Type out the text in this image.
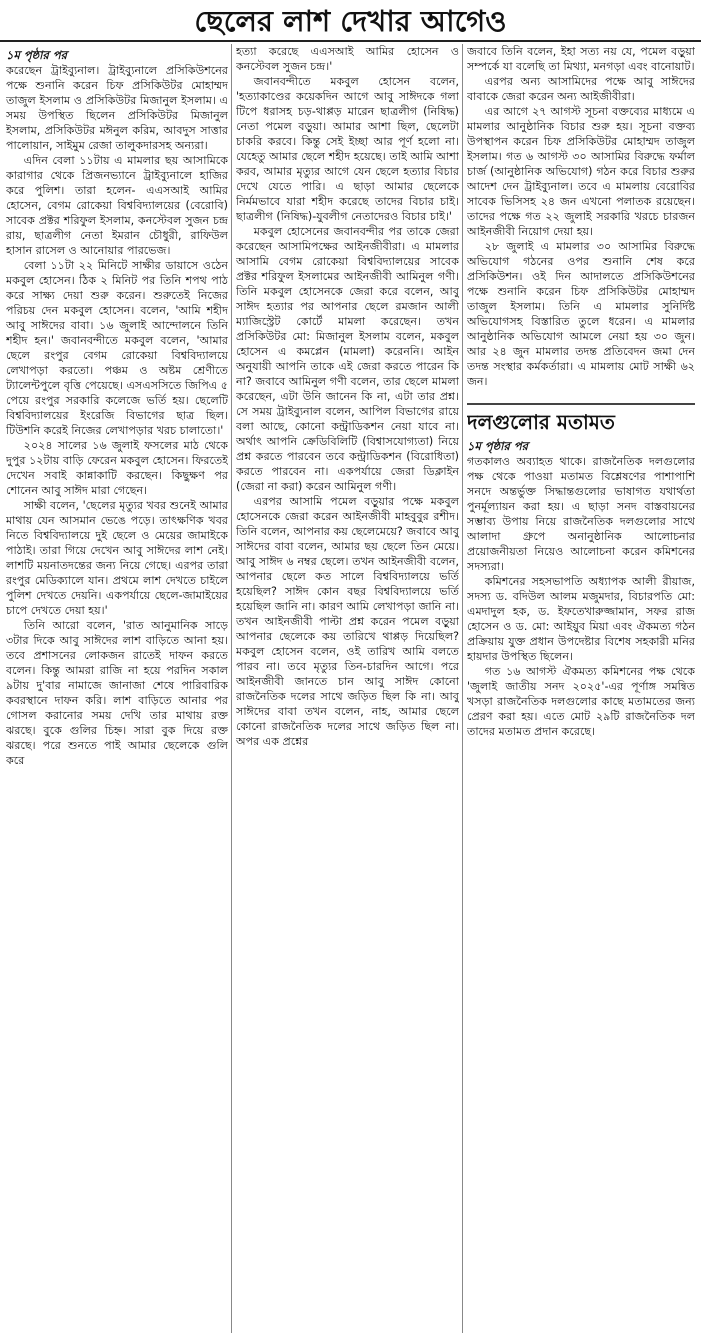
ছেলের লাশ দেখার আগেও

১ম পৃষ্ঠার পর

করেছেন ট্রাইব্যুনাল। ট্রাইব্যুনালে প্রসিকিউশনের পক্ষে শুনানি করেন চিফ প্রসিকিউটর মোহাম্মদ তাজুল ইসলাম ও প্রসিকিউটর মিজানুল ইসলাম। এ সময় উপস্থিত ছিলেন প্রসিকিউটর মিজানুল ইসলাম, প্রসিকিউটর মঈনুল করিম, আবদুস সাত্তার পালোয়ান, সাইমুম রেজা তালুকদারসহ অন্যরা।

এদিন বেলা ১১টায় এ মামলার ছয় আসামিকে কারাগার থেকে প্রিজনভ্যানে ট্রাইব্যুনালে হাজির করে পুলিশ। তারা হলেন- এএসআই আমির হোসেন, বেগম রোকেয়া বিশ্ববিদ্যালয়ের (বেরোবি) সাবেক প্রক্টর শরিফুল ইসলাম, কনস্টেবল সুজন চন্দ্র রায়, ছাত্রলীগ নেতা ইমরান চৌধুরী, রাফিউল হাসান রাসেল ও আনোয়ার পারভেজ।

বেলা ১১টা ২২ মিনিটে সাক্ষীর ডায়াসে ওঠেন মকবুল হোসেন। ঠিক ২ মিনিট পর তিনি শপথ পাঠ করে সাক্ষ্য দেয়া শুরু করেন। শুরুতেই নিজের পরিচয় দেন মকবুল হোসেন। বলেন, 'আমি শহীদ আবু সাঈদের বাবা। ১৬ জুলাই আন্দোলনে তিনি শহীদ হন।' জবানবন্দীতে মকবুল বলেন, 'আমার ছেলে রংপুর বেগম রোকেয়া বিশ্ববিদ্যালয়ে লেখাপড়া করতো। পঞ্চম ও অষ্টম শ্রেণীতে ট্যালেন্টপুলে বৃত্তি পেয়েছে। এসএসসিতে জিপিএ ৫ পেয়ে রংপুর সরকারি কলেজে ভর্তি হয়। ছেলেটি বিশ্ববিদ্যালয়ের ইংরেজি বিভাগের ছাত্র ছিল। টিউশনি করেই নিজের লেখাপড়ার খরচ চালাতো।'

২০২৪ সালের ১৬ জুলাই ফসলের মাঠ থেকে দুপুর ১২টায় বাড়ি ফেরেন মকবুল হোসেন। ফিরতেই দেখেন সবাই কান্নাকাটি করছেন। কিছুক্ষণ পর শোনেন আবু সাঈদ মারা গেছেন।

সাক্ষী বলেন, 'ছেলের মৃত্যুর খবর শুনেই আমার মাথায় যেন আসমান ভেঙে পড়ে। তাৎক্ষণিক খবর নিতে বিশ্ববিদ্যালয়ে দুই ছেলে ও মেয়ের জামাইকে পাঠাই। তারা গিয়ে দেখেন আবু সাঈদের লাশ নেই। লাশটি ময়নাতদন্তের জন্য নিয়ে গেছে। এরপর তারা রংপুর মেডিক্যালে যান। প্রথমে লাশ দেখতে চাইলে পুলিশ দেখতে দেয়নি। একপর্যায়ে ছেলে-জামাইয়ের চাপে দেখতে দেয়া হয়।'

তিনি আরো বলেন, 'রাত আনুমানিক সাড়ে ৩টার দিকে আবু সাঈদের লাশ বাড়িতে আনা হয়। তবে প্রশাসনের লোকজন রাতেই দাফন করতে বলেন। কিন্তু আমরা রাজি না হয়ে পরদিন সকাল ৯টায় দু'বার নামাজে জানাজা শেষে পারিবারিক কবরস্থানে দাফন করি। লাশ বাড়িতে আনার পর গোসল করানোর সময় দেখি তার মাথায় রক্ত ঝরছে। বুকে গুলির চিহ্ন। সারা বুক দিয়ে রক্ত ঝরছে। পরে শুনতে পাই আমার ছেলেকে গুলি করে

হত্যা করেছে এএসআই আমির হোসেন ও কনস্টেবল সুজন চন্দ্র।'

জবানবন্দীতে মকবুল হোসেন বলেন, 'হত্যাকাণ্ডের কয়েকদিন আগে আবু সাঈদকে গলা টিপে ধরাসহ চড়-থাপ্পড় মারেন ছাত্রলীগ (নিষিদ্ধ) নেতা পমেল বড়ুয়া। আমার আশা ছিল, ছেলেটা চাকরি করবে। কিন্তু সেই ইচ্ছা আর পূর্ণ হলো না। যেহেতু আমার ছেলে শহীদ হয়েছে। তাই আমি আশা করব, আমার মৃত্যুর আগে যেন ছেলে হত্যার বিচার দেখে যেতে পারি। এ ছাড়া আমার ছেলেকে নির্মমভাবে যারা শহীদ করেছে তাদের বিচার চাই। ছাত্রলীগ (নিষিদ্ধ)-যুবলীগ নেতাদেরও বিচার চাই।'

মকবুল হোসেনের জবানবন্দীর পর তাকে জেরা করেছেন আসামিপক্ষের আইনজীবীরা। এ মামলার আসামি বেগম রোকেয়া বিশ্ববিদ্যালয়ের সাবেক প্রক্টর শরিফুল ইসলামের আইনজীবী আমিনুল গণী। তিনি মকবুল হোসেনকে জেরা করে বলেন, আবু সাঈদ হত্যার পর আপনার ছেলে রমজান আলী ম্যাজিস্ট্রেট কোর্টে মামলা করেছেন। তখন প্রসিকিউটর মো: মিজানুল ইসলাম বলেন, মকবুল হোসেন এ কমপ্লেন (মামলা) করেননি। আইন অনুযায়ী আপনি তাকে এই জেরা করতে পারেন কি না? জবাবে আমিনুল গণী বলেন, তার ছেলে মামলা করেছেন, এটা উনি জানেন কি না, এটা তার প্রশ্ন। সে সময় ট্রাইব্যুনাল বলেন, আপিল বিভাগের রায়ে বলা আছে, কোনো কন্ট্রাডিকশন নেয়া যাবে না। অর্থাৎ আপনি ক্রেডিবিলিটি (বিশ্বাসযোগ্যতা) নিয়ে প্রশ্ন করতে পারবেন তবে কন্ট্রাডিকশন (বিরোধিতা) করতে পারবেন না। একপর্যায়ে জেরা ডিক্লাইন (জেরা না করা) করেন আমিনুল গণী।

এরপর আসামি পমেল বড়ুয়ার পক্ষে মকবুল হোসেনকে জেরা করেন আইনজীবী মাহবুবুর রশীদ। তিনি বলেন, আপনার কয় ছেলেমেয়ে? জবাবে আবু সাঈদের বাবা বলেন, আমার ছয় ছেলে তিন মেয়ে। আবু সাঈদ ৬ নম্বর ছেলে। তখন আইনজীবী বলেন, আপনার ছেলে কত সালে বিশ্ববিদ্যালয়ে ভর্তি হয়েছিল? সাঈদ কোন বছর বিশ্ববিদ্যালয়ে ভর্তি হয়েছিল জানি না। কারণ আমি লেখাপড়া জানি না। তখন আইনজীবী পাল্টা প্রশ্ন করেন পমেল বড়ুয়া আপনার ছেলেকে কয় তারিখে থাপ্পড় দিয়েছিল? মকবুল হোসেন বলেন, ওই তারিখ আমি বলতে পারব না। তবে মৃত্যুর তিন-চারদিন আগে। পরে আইনজীবী জানতে চান আবু সাঈদ কোনো রাজনৈতিক দলের সাথে জড়িত ছিল কি না। আবু সাঈদের বাবা তখন বলেন, নাহ, আমার ছেলে কোনো রাজনৈতিক দলের সাথে জড়িত ছিল না। অপর এক প্রশ্নের

জবাবে তিনি বলেন, ইহা সত্য নয় যে, পমেল বড়ুয়া সম্পর্কে যা বলেছি তা মিথ্যা, মনগড়া এবং বানোয়াট।

এরপর অন্য আসামিদের পক্ষে আবু সাঈদের বাবাকে জেরা করেন অন্য আইজীবীরা।

এর আগে ২৭ আগস্ট সূচনা বক্তব্যের মাধ্যমে এ মামলার আনুষ্ঠানিক বিচার শুরু হয়। সূচনা বক্তব্য উপস্থাপন করেন চিফ প্রসিকিউটর মোহাম্মদ তাজুল ইসলাম। গত ৬ আগস্ট ৩০ আসামির বিরুদ্ধে ফর্মাল চার্জ (আনুষ্ঠানিক অভিযোগ) গঠন করে বিচার শুরুর আদেশ দেন ট্রাইব্যুনাল। তবে এ মামলায় বেরোবির সাবেক ভিসিসহ ২৪ জন এখনো পলাতক রয়েছেন। তাদের পক্ষে গত ২২ জুলাই সরকারি খরচে চারজন আইনজীবী নিয়োগ দেয়া হয়।

২৮ জুলাই এ মামলার ৩০ আসামির বিরুদ্ধে অভিযোগ গঠনের ওপর শুনানি শেষ করে প্রসিকিউশন। ওই দিন আদালতে প্রসিকিউশনের পক্ষে শুনানি করেন চিফ প্রসিকিউটর মোহাম্মদ তাজুল ইসলাম। তিনি এ মামলার সুনির্দিষ্ট অভিযোগসহ বিস্তারিত তুলে ধরেন। এ মামলার আনুষ্ঠানিক অভিযোগ আমলে নেয়া হয় ৩০ জুন। আর ২৪ জুন মামলার তদন্ত প্রতিবেদন জমা দেন তদন্ত সংস্থার কর্মকর্তারা। এ মামলায় মোট সাক্ষী ৬২ জন।

দলগুলোর মতামত

১ম পৃষ্ঠার পর

গতকালও অব্যাহত থাকে। রাজনৈতিক দলগুলোর পক্ষ থেকে পাওয়া মতামত বিশ্লেষণের পাশাপাশি সনদে অন্তর্ভুক্ত সিদ্ধান্তগুলোর ভাষাগত যথার্থতা পুনর্মূল্যায়ন করা হয়। এ ছাড়া সনদ বাস্তবায়নের সম্ভাব্য উপায় নিয়ে রাজনৈতিক দলগুলোর সাথে আলাদা গ্রুপে অনানুষ্ঠানিক আলোচনার প্রয়োজনীয়তা নিয়েও আলোচনা করেন কমিশনের সদস্যরা।

কমিশনের সহসভাপতি অধ্যাপক আলী রীয়াজ, সদস্য ড. বদিউল আলম মজুমদার, বিচারপতি মো: এমদাদুল হক, ড. ইফতেখারুজ্জামান, সফর রাজ হোসেন ও ড. মো: আইয়ুব মিয়া এবং ঐকমত্য গঠন প্রক্রিয়ায় যুক্ত প্রধান উপদেষ্টার বিশেষ সহকারী মনির হায়দার উপস্থিত ছিলেন।

গত ১৬ আগস্ট ঐকমত্য কমিশনের পক্ষ থেকে 'জুলাই জাতীয় সনদ ২০২৫'-এর পূর্ণাঙ্গ সমন্বিত খসড়া রাজনৈতিক দলগুলোর কাছে মতামতের জন্য প্রেরণ করা হয়। এতে মোট ২৯টি রাজনৈতিক দল তাদের মতামত প্রদান করেছে।
